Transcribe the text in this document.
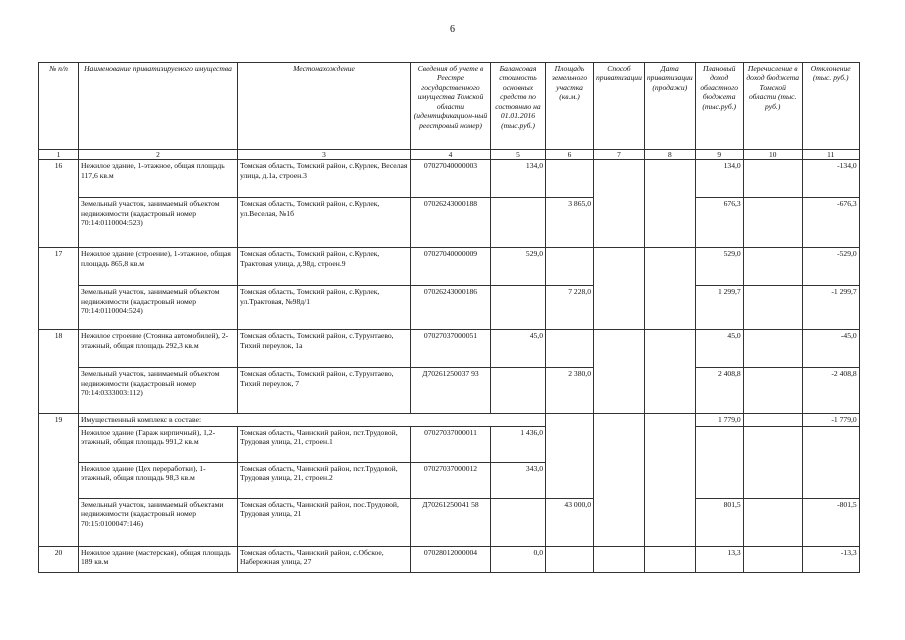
6
№ п/п	Наименование приватизируемого имущества	Местонахождение	Сведения об учете в Реестре государственного имущества Томской области (идентификацион-ный реестровый номер)	Балансовая стоимость основных средств по состоянию на 01.01.2016 (тыс.руб.)	Площадь земельного участка (кв.м.)	Способ приватизации	Дата приватизации (продажи)	Плановый доход областного бюджета (тыс.руб.)	Перечисление в доход бюджета Томской области (тыс. руб.)	Отклонение (тыс. руб.)
1	2	3	4	5	6	7	8	9	10	11
16	Нежилое здание, 1-этажное, общая площадь 117,6 кв.м	Томская область, Томский район, с.Курлек, Веселая улица, д.1а, строен.3	07027040000003	134,0				134,0		-134,0
	Земельный участок, занимаемый объектом недвижимости (кадастровый номер 70:14:0110004:523)	Томская область, Томский район, с.Курлек, ул.Веселая, №1б	07026243000188		3 865,0			676,3		-676,3
17	Нежилое здание (строение), 1-этажное, общая площадь 865,8 кв.м	Томская область, Томский район, с.Курлек, Трактовая улица, д.98д, строен.9	07027040000009	529,0				529,0		-529,0
	Земельный участок, занимаемый объектом недвижимости (кадастровый номер 70:14:0110004:524)	Томская область, Томский район, с.Курлек, ул.Трактовая, №98д/1	07026243000186		7 228,0			1 299,7		-1 299,7
18	Нежилое строение (Стоянка автомобилей), 2-этажный, общая площадь 292,3 кв.м	Томская область, Томский район, с.Турунтаево, Тихий переулок, 1а	07027037000051	45,0				45,0		-45,0
	Земельный участок, занимаемый объектом недвижимости (кадастровый номер 70:14:0333003:112)	Томская область, Томский район, с.Турунтаево, Тихий переулок, 7	Д70261250037 93		2 380,0			2 408,8		-2 408,8
19	Имущественный комплекс в составе:							1 779,0		-1 779,0
	Нежилое здание (Гараж кирпичный), 1,2-этажный, общая площадь 991,2 кв.м	Томская область, Чаинский район, пст.Трудовой, Трудовая улица, 21, строен.1	07027037000011	1 436,0						
	Нежилое здание (Цех переработки), 1-этажный, общая площадь 98,3 кв.м	Томская область, Чаинский район, пст.Трудовой, Трудовая улица, 21, строен.2	07027037000012	343,0						
	Земельный участок, занимаемый объектами недвижимости (кадастровый номер 70:15:0100047:146)	Томская область, Чаинский район, пос.Трудовой, Трудовая улица, 21	Д70261250041 58		43 000,0			801,5		-801,5
20	Нежилое здание (мастерская), общая площадь 189 кв.м	Томская область, Чаинский район, с.Обское, Набережная улица, 27	07028012000004	0,0				13,3		-13,3
